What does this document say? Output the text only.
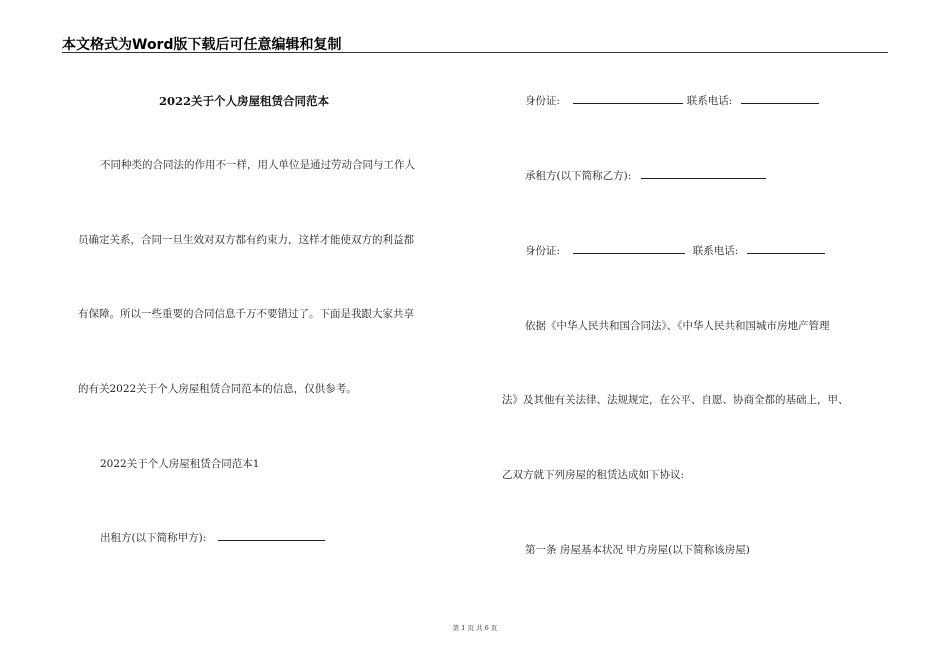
本文格式为Word版下载后可任意编辑和复制
2022关于个人房屋租赁合同范本
不同种类的合同法的作用不一样，用人单位是通过劳动合同与工作人
员确定关系，合同一旦生效对双方都有约束力，这样才能使双方的利益都
有保障。所以一些重要的合同信息千万不要错过了。下面是我跟大家共享
的有关2022关于个人房屋租赁合同范本的信息，仅供参考。
2022关于个人房屋租赁合同范本1
出租方(以下简称甲方):
身份证:	联系电话:
承租方(以下简称乙方):
身份证:	联系电话:
依据《中华人民共和国合同法》、《中华人民共和国城市房地产管理
法》及其他有关法律、法规规定，在公平、自愿、协商全都的基础上，甲、
乙双方就下列房屋的租赁达成如下协议:
第一条 房屋基本状况 甲方房屋(以下简称该房屋)
第 1 页 共 6 页
